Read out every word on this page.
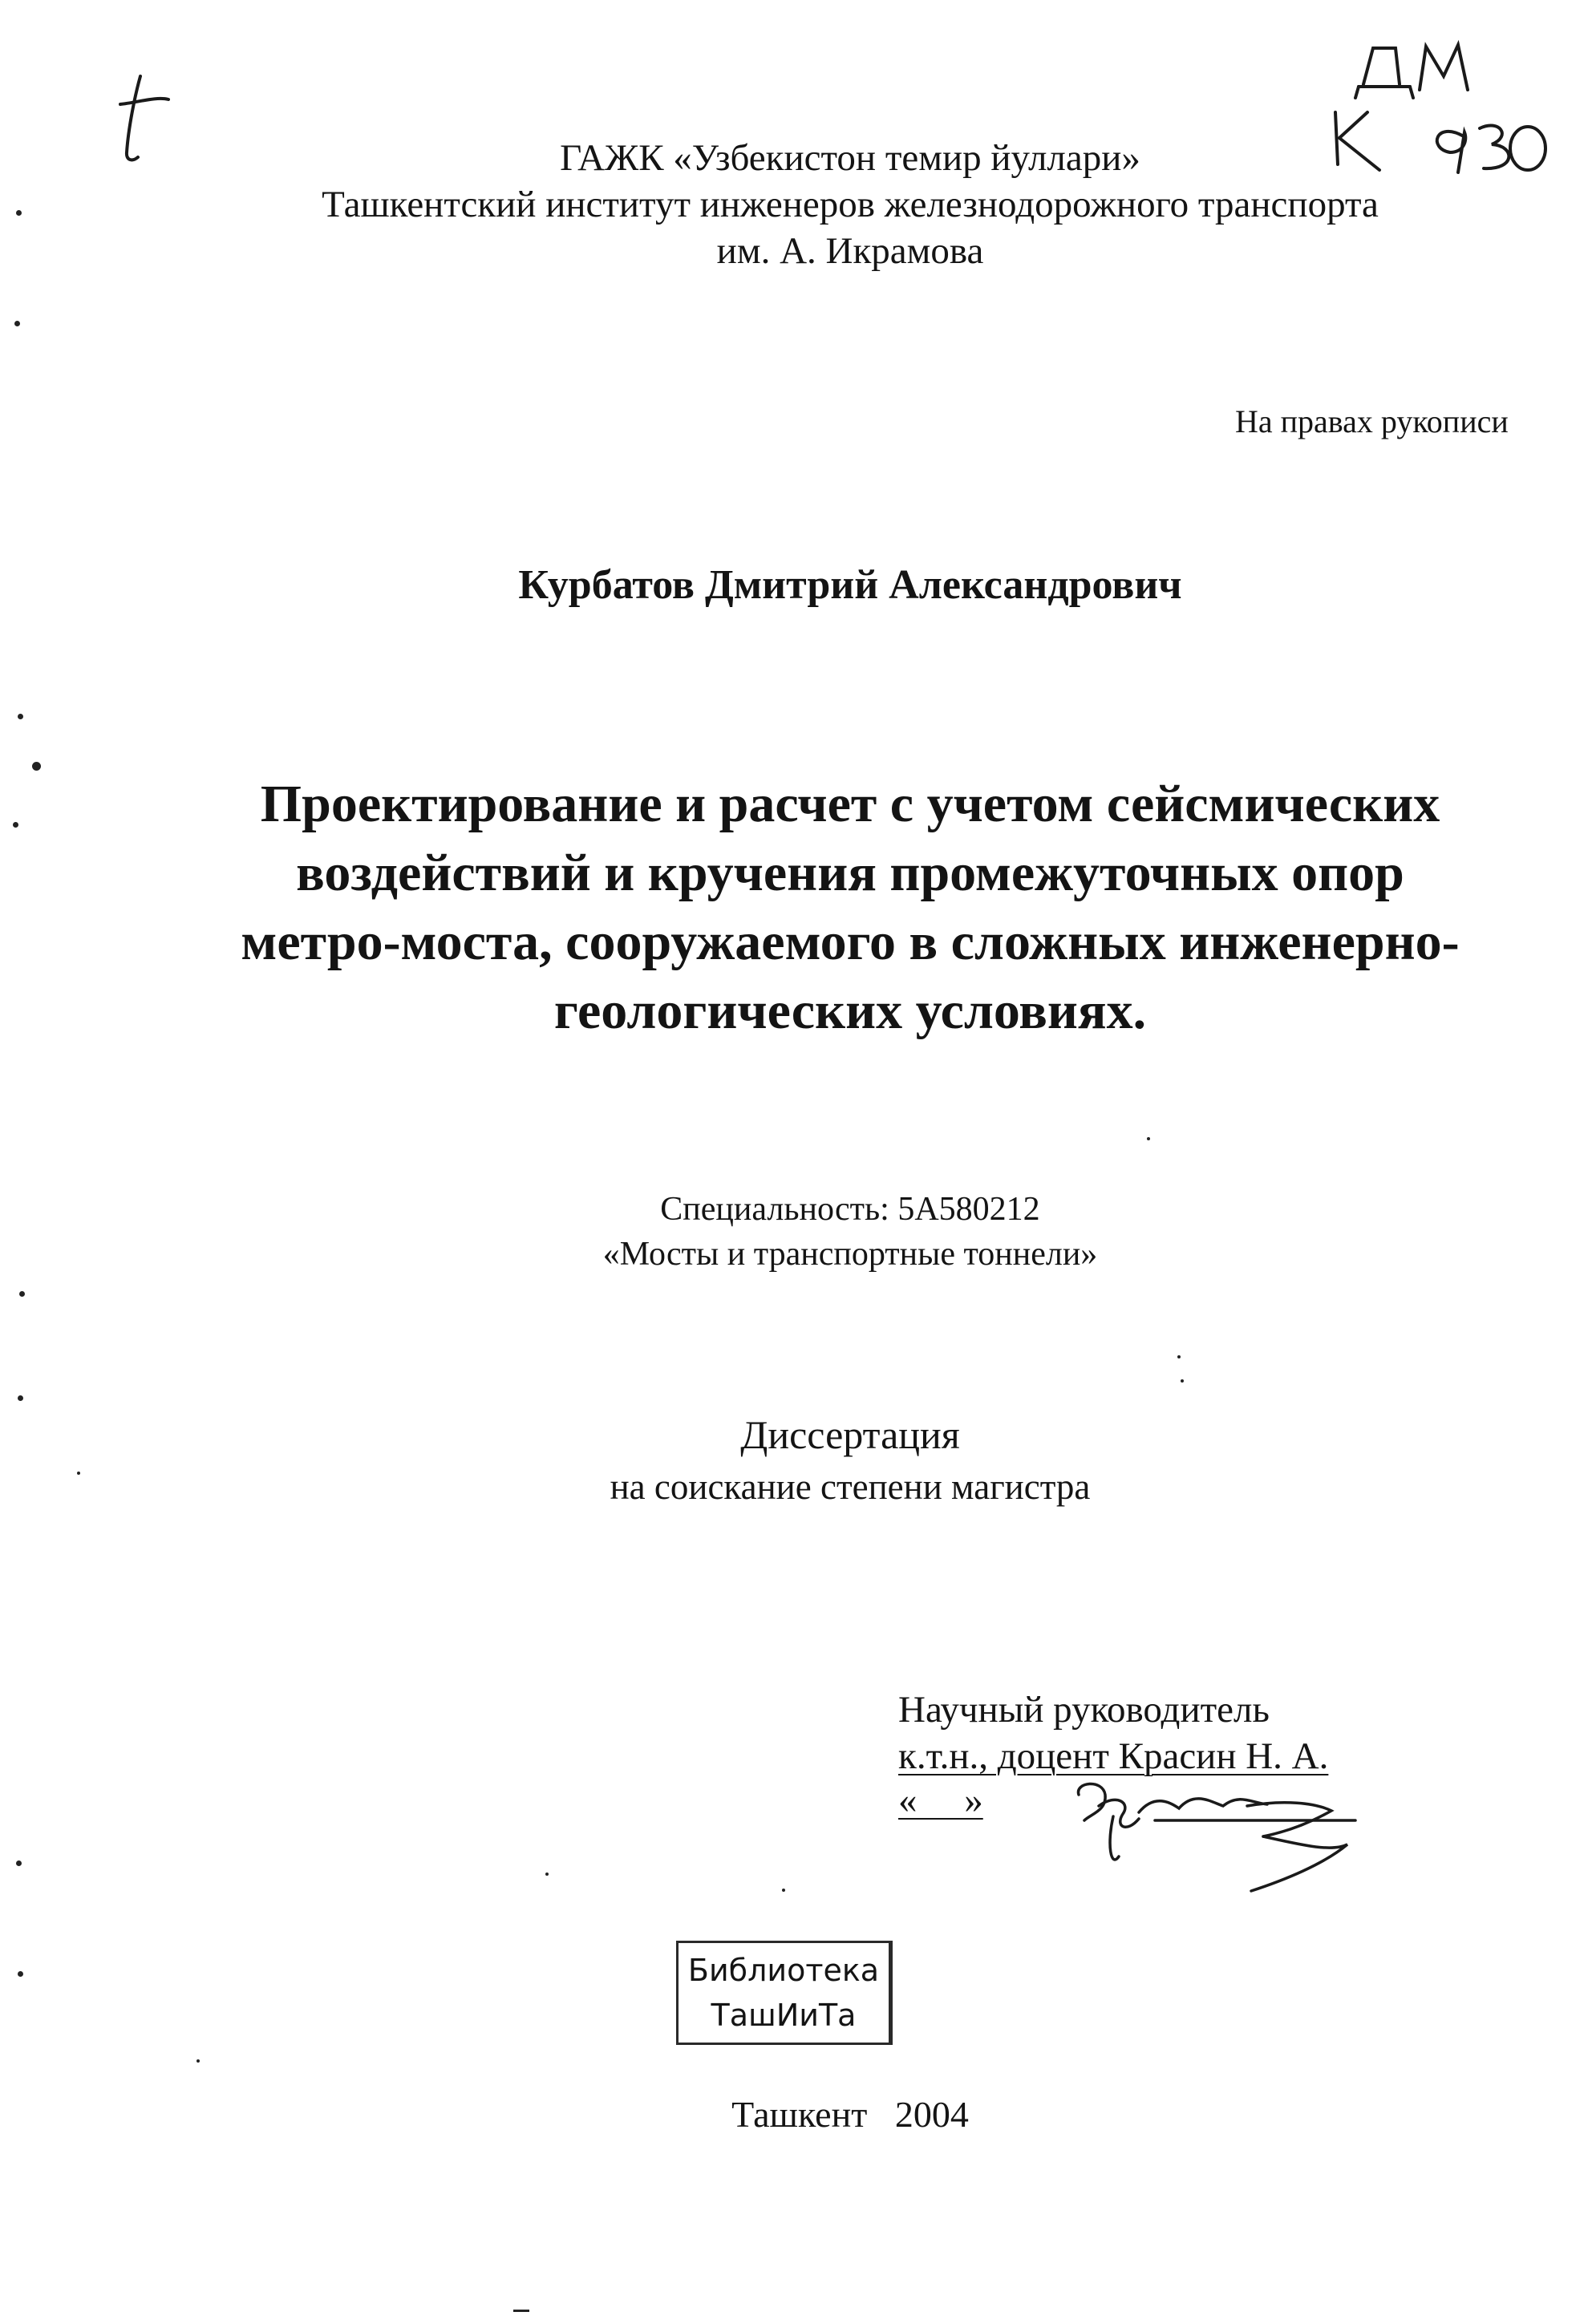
ГАЖК «Узбекистон темир йуллари»
Ташкентский институт инженеров железнодорожного транспорта
им. А. Икрамова
На правах рукописи
Курбатов Дмитрий Александрович
Проектирование и расчет с учетом сейсмических
воздействий и кручения промежуточных опор
метро-моста, сооружаемого в сложных инженерно-
геологических условиях.
Специальность: 5А580212
«Мосты и транспортные тоннели»
Диссертация
на соискание степени магистра
Научный руководитель
к.т.н., доцент Красин Н. А.
«     »
Библиотека
ТашИиТа
Ташкент 2004
